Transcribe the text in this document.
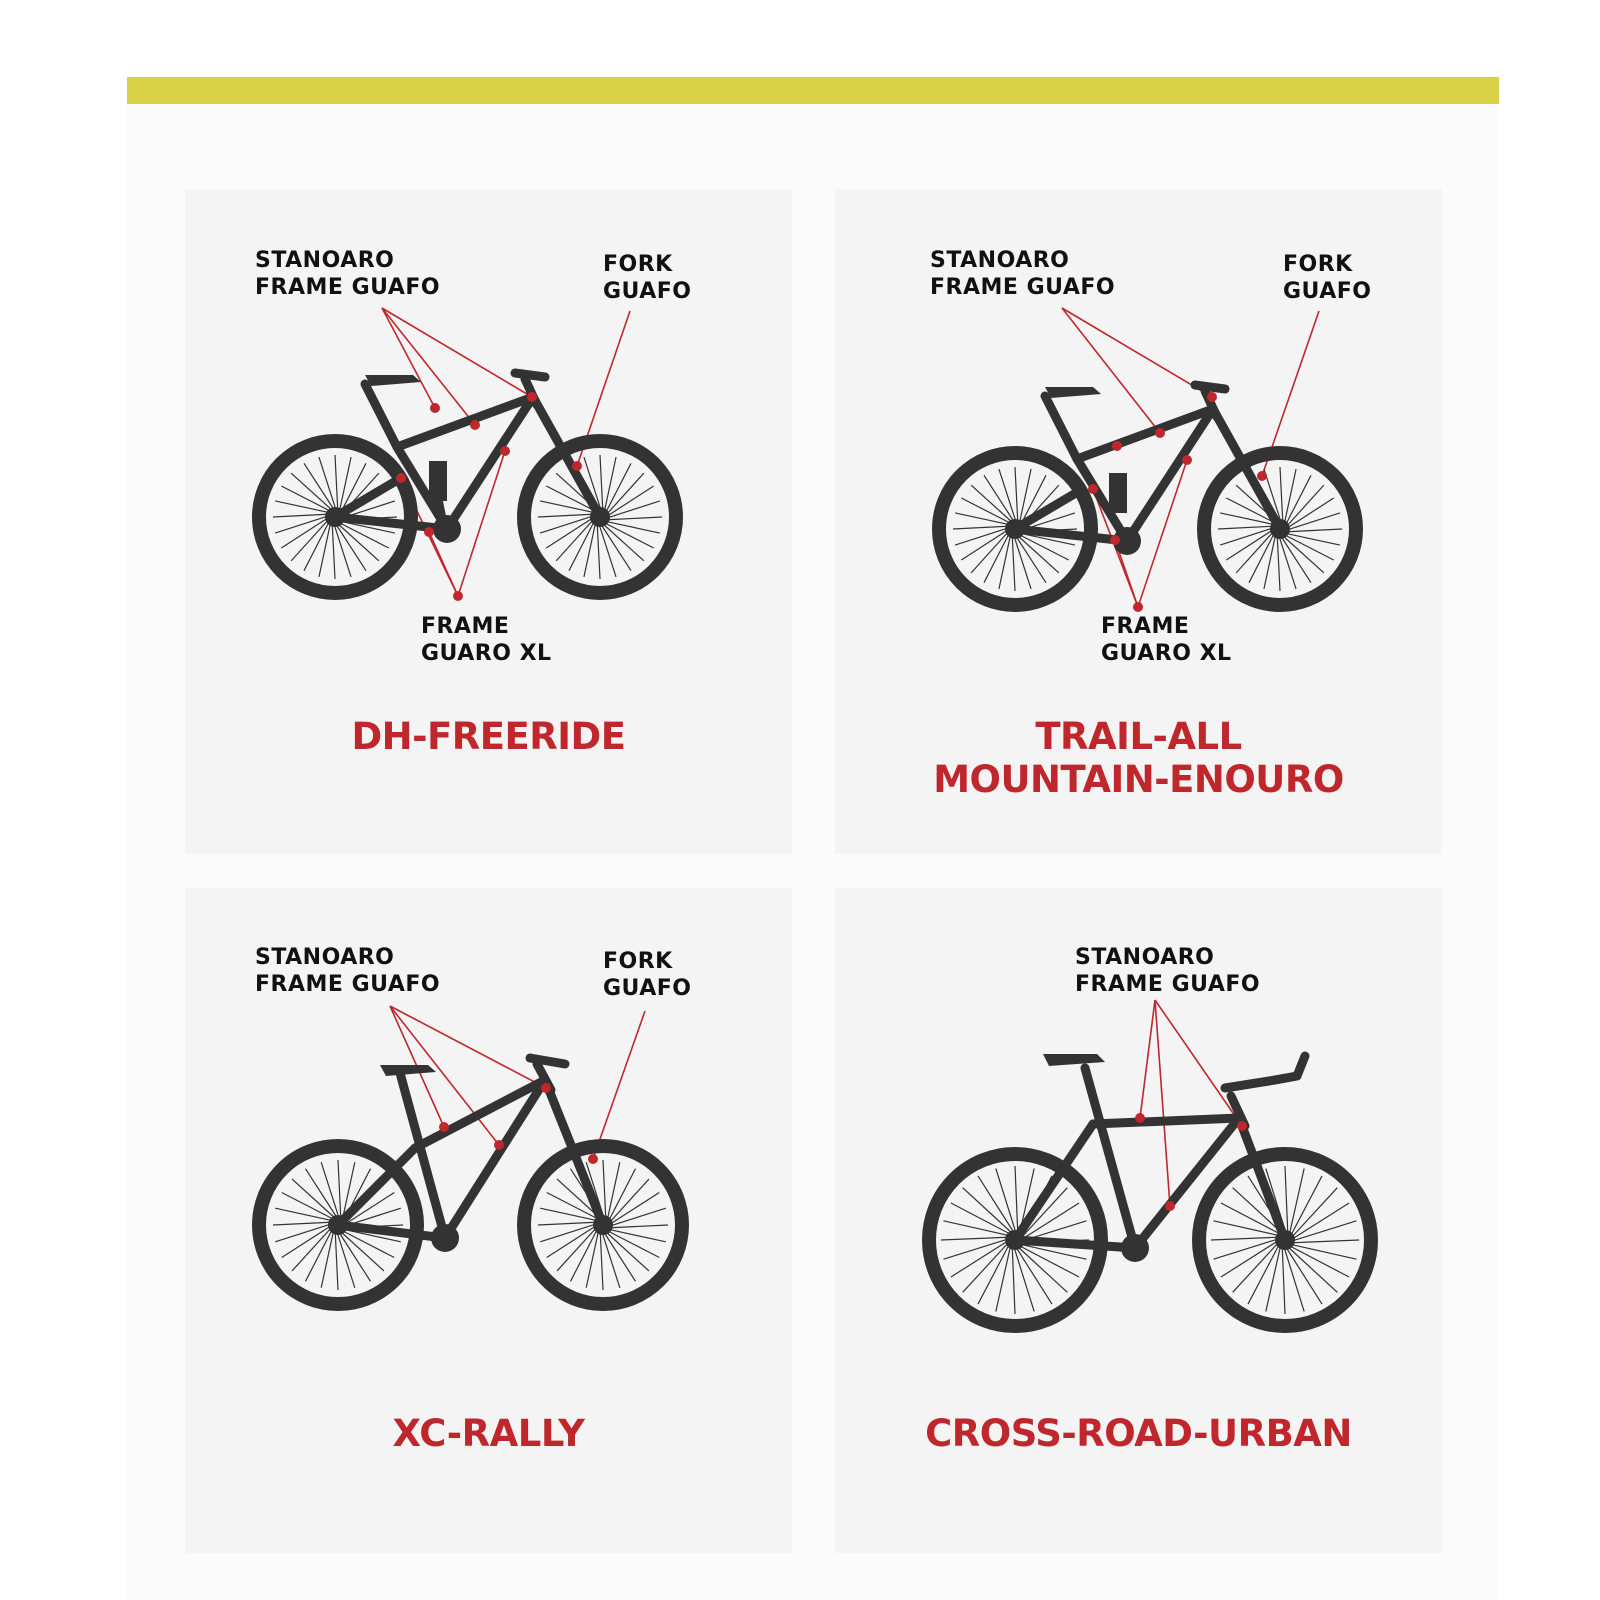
STANOARO
FRAME GUAFO
FORK
GUAFO
FRAME
GUARO XL
DH-FREERIDE
STANOARO
FRAME GUAFO
FORK
GUAFO
FRAME
GUARO XL
TRAIL-ALL
MOUNTAIN-ENOURO
STANOARO
FRAME GUAFO
FORK
GUAFO
XC-RALLY
STANOARO
FRAME GUAFO
CROSS-ROAD-URBAN
